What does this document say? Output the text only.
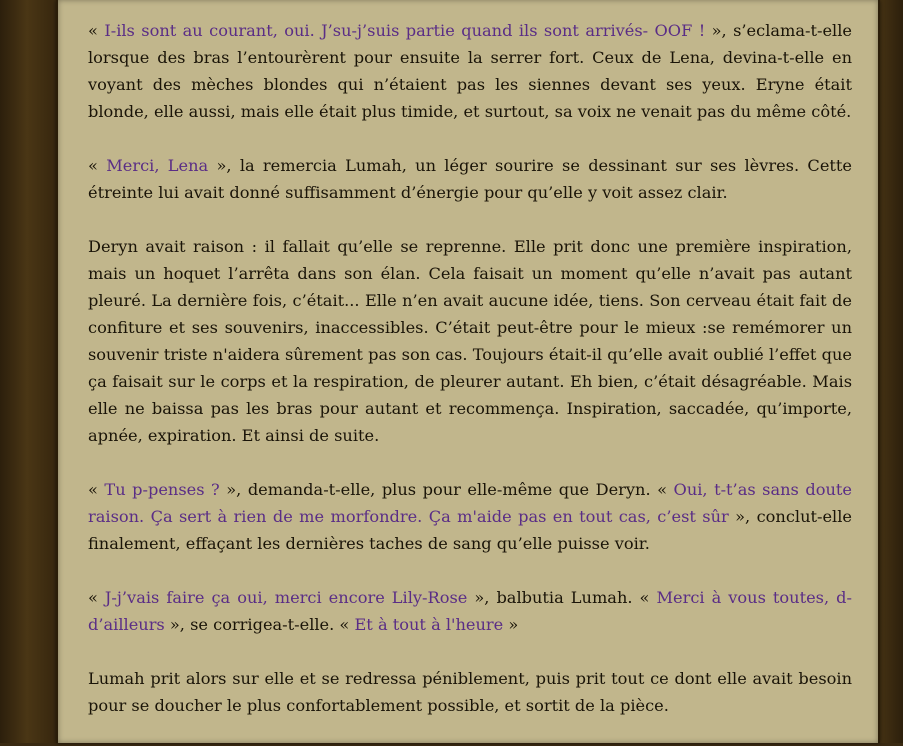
« I-ils sont au courant, oui. J’su-j’suis partie quand ils sont arrivés- OOF ! », s’eclama-t-elle lorsque des bras l’entourèrent pour ensuite la serrer fort. Ceux de Lena, devina-t-elle en voyant des mèches blondes qui n’étaient pas les siennes devant ses yeux. Eryne était blonde, elle aussi, mais elle était plus timide, et surtout, sa voix ne venait pas du même côté.

« Merci, Lena », la remercia Lumah, un léger sourire se dessinant sur ses lèvres. Cette étreinte lui avait donné suffisamment d’énergie pour qu’elle y voit assez clair.

Deryn avait raison : il fallait qu’elle se reprenne. Elle prit donc une première inspiration, mais un hoquet l’arrêta dans son élan. Cela faisait un moment qu’elle n’avait pas autant pleuré. La dernière fois, c’était... Elle n’en avait aucune idée, tiens. Son cerveau était fait de confiture et ses souvenirs, inaccessibles. C’était peut-être pour le mieux :se remémorer un souvenir triste n'aidera sûrement pas son cas. Toujours était-il qu’elle avait oublié l’effet que ça faisait sur le corps et la respiration, de pleurer autant. Eh bien, c’était désagréable. Mais elle ne baissa pas les bras pour autant et recommença. Inspiration, saccadée, qu’importe, apnée, expiration. Et ainsi de suite.

« Tu p-penses ? », demanda-t-elle, plus pour elle-même que Deryn. « Oui, t-t’as sans doute raison. Ça sert à rien de me morfondre. Ça m'aide pas en tout cas, c’est sûr », conclut-elle finalement, effaçant les dernières taches de sang qu’elle puisse voir.

« J-j’vais faire ça oui, merci encore Lily-Rose », balbutia Lumah. « Merci à vous toutes, d-d’ailleurs », se corrigea-t-elle. « Et à tout à l'heure »

Lumah prit alors sur elle et se redressa péniblement, puis prit tout ce dont elle avait besoin pour se doucher le plus confortablement possible, et sortit de la pièce.
